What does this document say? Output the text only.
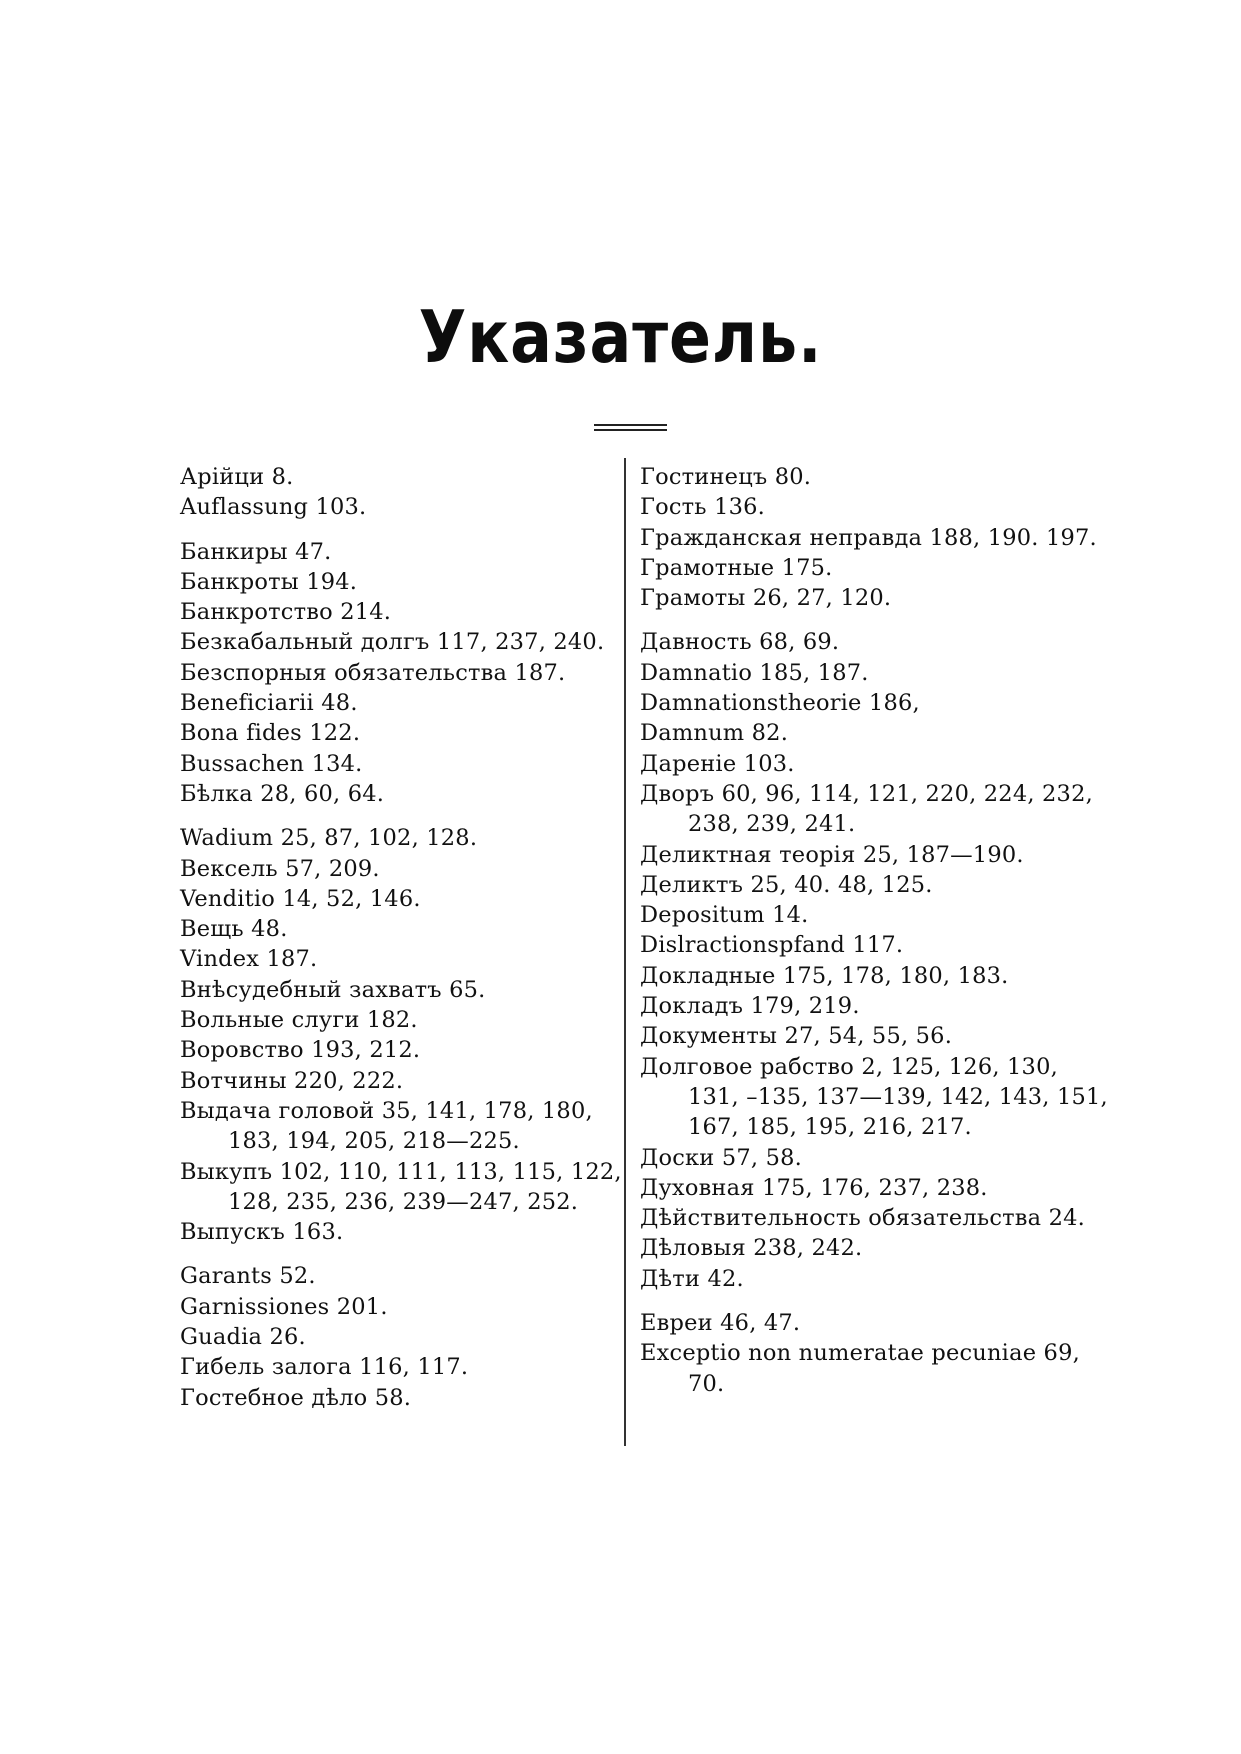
Указатель.
Арійци 8.
Auflassung 103.
Банкиры 47.
Банкроты 194.
Банкротство 214.
Безкабальный долгъ 117, 237, 240.
Безспорныя обязательства 187.
Beneficiarii 48.
Bona fides 122.
Bussachen 134.
Бѣлка 28, 60, 64.
Wadium 25, 87, 102, 128.
Вексель 57, 209.
Venditio 14, 52, 146.
Вещь 48.
Vindex 187.
Внѣсудебный захватъ 65.
Вольные слуги 182.
Воровство 193, 212.
Вотчины 220, 222.
Выдача головой 35, 141, 178, 180,
183, 194, 205, 218—225.
Выкупъ 102, 110, 111, 113, 115, 122,
128, 235, 236, 239—247, 252.
Выпускъ 163.
Garants 52.
Garnissiones 201.
Guadia 26.
Гибель залога 116, 117.
Гостебное дѣло 58.
Гостинецъ 80.
Гость 136.
Гражданская неправда 188, 190. 197.
Грамотные 175.
Грамоты 26, 27, 120.
Давность 68, 69.
Damnatio 185, 187.
Damnationstheorie 186,
Damnum 82.
Дареніе 103.
Дворъ 60, 96, 114, 121, 220, 224, 232,
238, 239, 241.
Деликтная теорія 25, 187—190.
Деликтъ 25, 40. 48, 125.
Depositum 14.
Dislractionspfand 117.
Докладные 175, 178, 180, 183.
Докладъ 179, 219.
Документы 27, 54, 55, 56.
Долговое рабство 2, 125, 126, 130,
131, –135, 137—139, 142, 143, 151,
167, 185, 195, 216, 217.
Доски 57, 58.
Духовная 175, 176, 237, 238.
Дѣйствительность обязательства 24.
Дѣловыя 238, 242.
Дѣти 42.
Евреи 46, 47.
Exceptio non numeratae pecuniae 69,
70.
